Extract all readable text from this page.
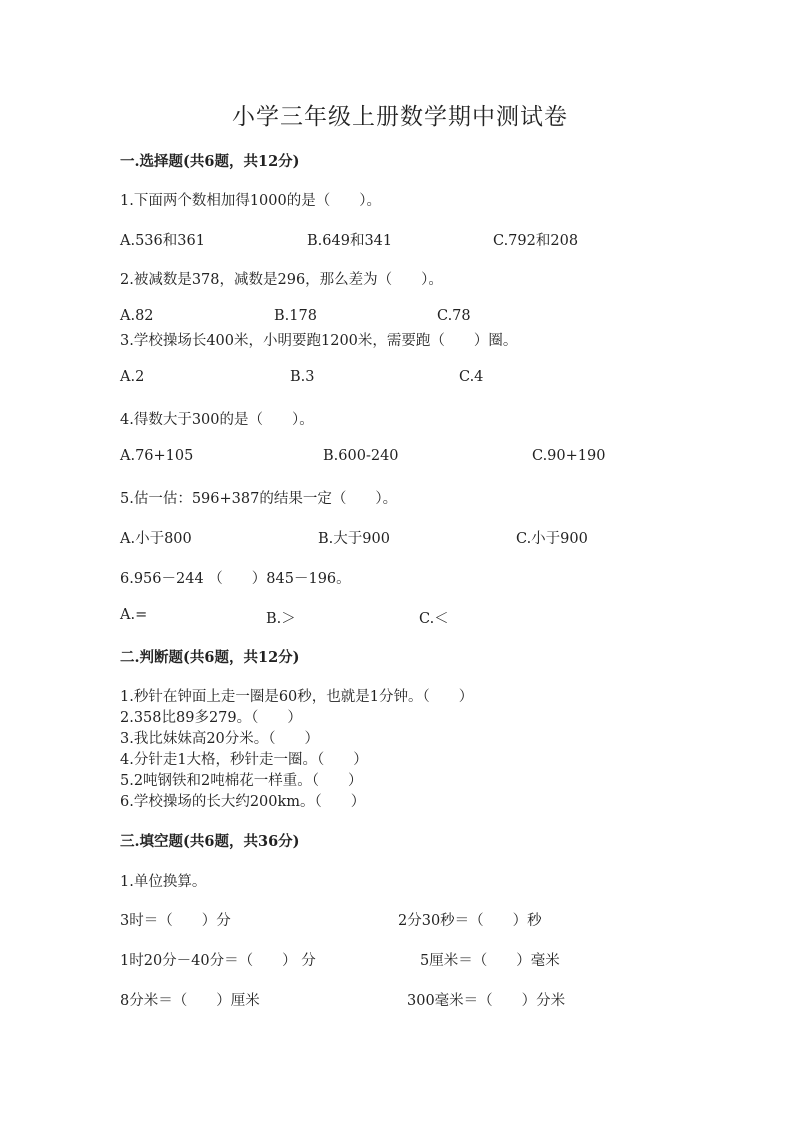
小学三年级上册数学期中测试卷
一.选择题(共6题，共12分)
1.下面两个数相加得1000的是（　　）。
A.536和361	B.649和341	C.792和208
2.被减数是378，减数是296，那么差为（　　）。
A.82	B.178	C.78
3.学校操场长400米，小明要跑1200米，需要跑（　　）圈。
A.2	B.3	C.4
4.得数大于300的是（　　）。
A.76+105	B.600-240	C.90+190
5.估一估：596+387的结果一定（　　）。
A.小于800	B.大于900	C.小于900
6.956－244 （　　）845－196。
A.=	B.＞	C.＜
二.判断题(共6题，共12分)
1.秒针在钟面上走一圈是60秒，也就是1分钟。（　　）
2.358比89多279。（　　）
3.我比妹妹高20分米。（　　）
4.分针走1大格，秒针走一圈。（　　）
5.2吨钢铁和2吨棉花一样重。（　　）
6.学校操场的长大约200km。（　　）
三.填空题(共6题，共36分)
1.单位换算。
3时＝（　　）分	2分30秒＝（　　）秒
1时20分－40分＝（　　） 分	5厘米＝（　　）毫米
8分米＝（　　）厘米	300毫米＝（　　）分米
